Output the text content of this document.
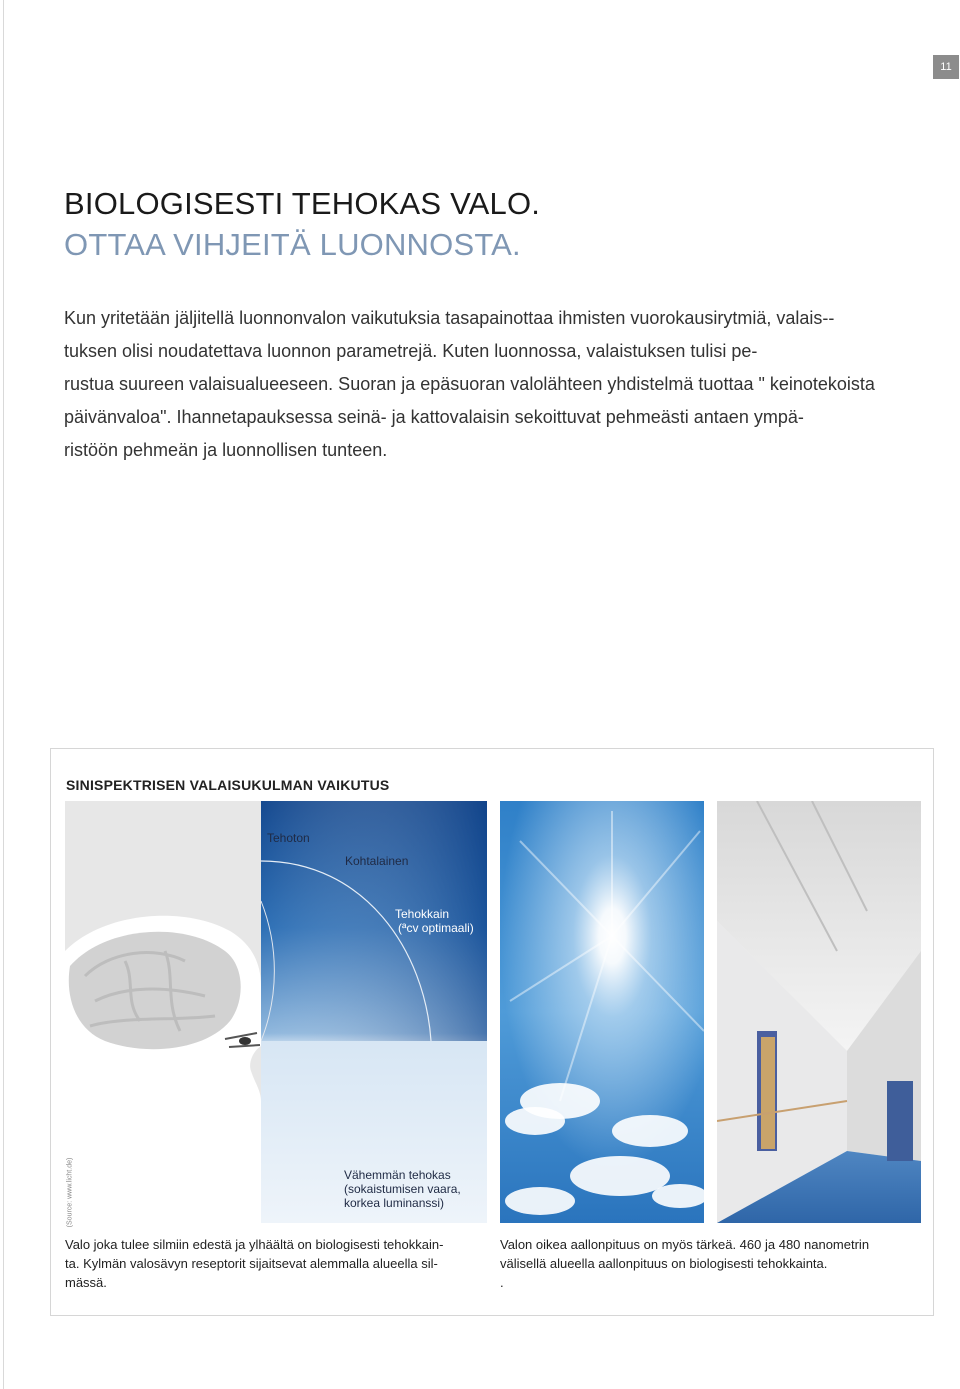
11
BIOLOGISESTI TEHOKAS VALO.
OTTAA VIHJEITÄ LUONNOSTA.
Kun yritetään jäljitellä luonnonvalon vaikutuksia tasapainottaa ihmisten vuorokausirytmiä, valais--
tuksen olisi noudatettava luonnon parametrejä. Kuten luonnossa, valaistuksen tulisi pe-
rustua suureen valaisualueeseen. Suoran ja epäsuoran valolähteen yhdistelmä tuottaa " keinotekoista
päivänvaloa". Ihannetapauksessa seinä- ja kattovalaisin sekoittuvat pehmeästi antaen ympä-
ristöön pehmeän ja luonnollisen tunteen.
SINISPEKTRISEN VALAISUKULMAN VAIKUTUS
Tehoton
Kohtalainen
Tehokkain
(ªcv optimaali)
Vähemmän tehokas
(sokaistumisen vaara,
korkea luminanssi)
(Source: www.licht.de)
Valo joka tulee silmiin edestä ja ylhäältä on biologisesti tehokkain-
ta. Kylmän valosävyn reseptorit sijaitsevat alemmalla alueella sil-
mässä.
Valon oikea aallonpituus on myös tärkeä. 460 ja 480 nanometrin
välisellä alueella aallonpituus on biologisesti tehokkainta.
.
